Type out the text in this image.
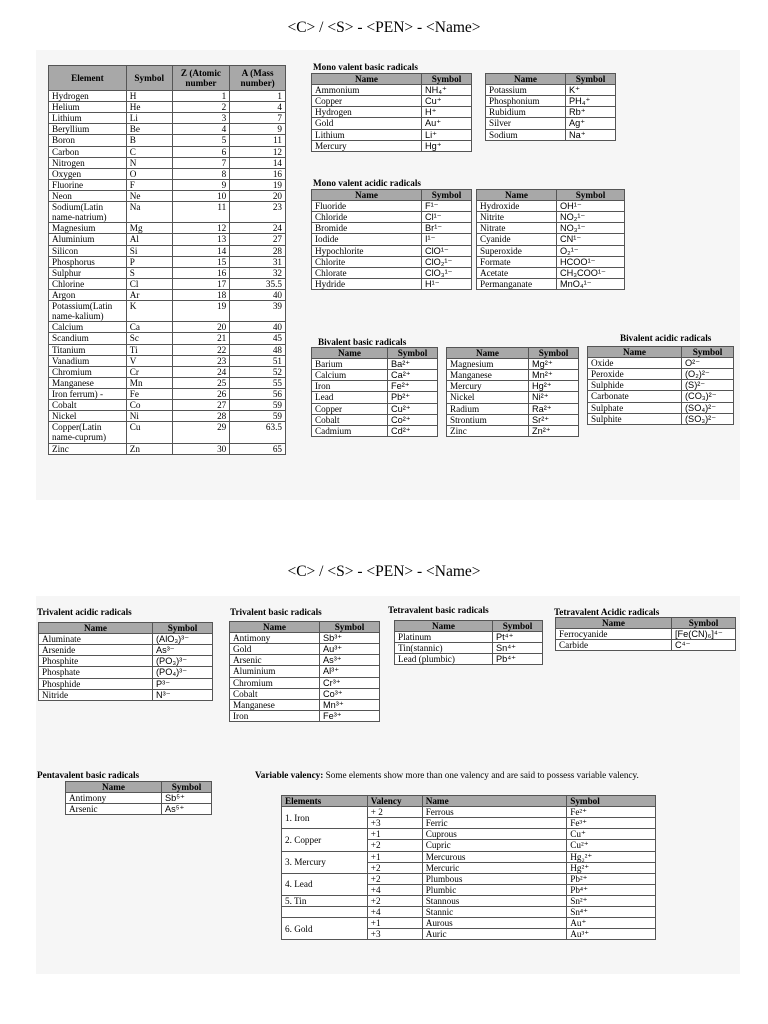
<C> / <S> - <PEN> - <Name>
<C> / <S> - <PEN> - <Name>
Element	Symbol	Z (Atomic number	A (Mass number)
Hydrogen	H	1	1
Helium	He	2	4
Lithium	Li	3	7
Beryllium	Be	4	9
Boron	B	5	11
Carbon	C	6	12
Nitrogen	N	7	14
Oxygen	O	8	16
Fluorine	F	9	19
Neon	Ne	10	20
Sodium(Latin name-natrium)	Na	11	23
Magnesium	Mg	12	24
Aluminium	Al	13	27
Silicon	Si	14	28
Phosphorus	P	15	31
Sulphur	S	16	32
Chlorine	Cl	17	35.5
Argon	Ar	18	40
Potassium(Latin name-kalium)	K	19	39
Calcium	Ca	20	40
Scandium	Sc	21	45
Titanium	Ti	22	48
Vanadium	V	23	51
Chromium	Cr	24	52
Manganese	Mn	25	55
Iron ferrum) -	Fe	26	56
Cobalt	Co	27	59
Nickel	Ni	28	59
Copper(Latin name-cuprum)	Cu	29	63.5
Zinc	Zn	30	65
Mono valent basic radicals
Mono valent acidic radicals
Bivalent basic radicals	Bivalent acidic radicals
Trivalent acidic radicals	Trivalent basic radicals	Tetravalent basic radicals	Tetravalent Acidic radicals
Pentavalent basic radicals
Name	Symbol
Ammonium	NH₄⁺
Copper	Cu⁺
Hydrogen	H⁺
Gold	Au⁺
Lithium	Li⁺
Mercury	Hg⁺
Name	Symbol
Potassium	K⁺
Phosphonium	PH₄⁺
Rubidium	Rb⁺
Silver	Ag⁺
Sodium	Na⁺
Name	Symbol
Fluoride	F¹⁻
Chloride	Cl¹⁻
Bromide	Br¹⁻
Iodide	I¹⁻
Hypochlorite	ClO¹⁻
Chlorite	ClO₂¹⁻
Chlorate	ClO₃¹⁻
Hydride	H¹⁻
Name	Symbol
Hydroxide	OH¹⁻
Nitrite	NO₂¹⁻
Nitrate	NO₃¹⁻
Cyanide	CN¹⁻
Superoxide	O₂¹⁻
Formate	HCOO¹⁻
Acetate	CH₃COO¹⁻
Permanganate	MnO₄¹⁻
Name	Symbol
Barium	Ba²⁺
Calcium	Ca²⁺
Iron	Fe²⁺
Lead	Pb²⁺
Copper	Cu²⁺
Cobalt	Co²⁺
Cadmium	Cd²⁺
Name	Symbol
Magnesium	Mg²⁺
Manganese	Mn²⁺
Mercury	Hg²⁺
Nickel	Ni²⁺
Radium	Ra²⁺
Strontium	Sr²⁺
Zinc	Zn²⁺
Name	Symbol
Oxide	O²⁻
Peroxide	(O₂)²⁻
Sulphide	(S)²⁻
Carbonate	(CO₃)²⁻
Sulphate	(SO₄)²⁻
Sulphite	(SO₃)²⁻
Name	Symbol
Aluminate	(AlO₃)³⁻
Arsenide	As³⁻
Phosphite	(PO₃)³⁻
Phosphate	(PO₄)³⁻
Phosphide	P³⁻
Nitride	N³⁻
Name	Symbol
Antimony	Sb³⁺
Gold	Au³⁺
Arsenic	As³⁺
Aluminium	Al³⁺
Chromium	Cr³⁺
Cobalt	Co³⁺
Manganese	Mn³⁺
Iron	Fe³⁺
Name	Symbol
Platinum	Pt⁴⁺
Tin(stannic)	Sn⁴⁺
Lead (plumbic)	Pb⁴⁺
Name	Symbol
Ferrocyanide	[Fe(CN)₆]⁴⁻
Carbide	C⁴⁻
Name	Symbol
Antimony	Sb⁵⁺
Arsenic	As⁵⁺
Variable valency: Some elements show more than one valency and are said to possess variable valency.
Elements	Valency	Name	Symbol
1. Iron	+ 2	Ferrous	Fe²⁺
	+3	Ferric	Fe³⁺
2. Copper	+1	Cuprous	Cu⁺
	+2	Cupric	Cu²⁺
3. Mercury	+1	Mercurous	Hg₂²⁺
	+2	Mercuric	Hg²⁺
4. Lead	+2	Plumbous	Pb²⁺
	+4	Plumbic	Pb⁴⁺
5. Tin	+2	Stannous	Sn²⁺
	+4	Stannic	Sn⁴⁺
6. Gold	+1	Aurous	Au⁺
	+3	Auric	Au³⁺
